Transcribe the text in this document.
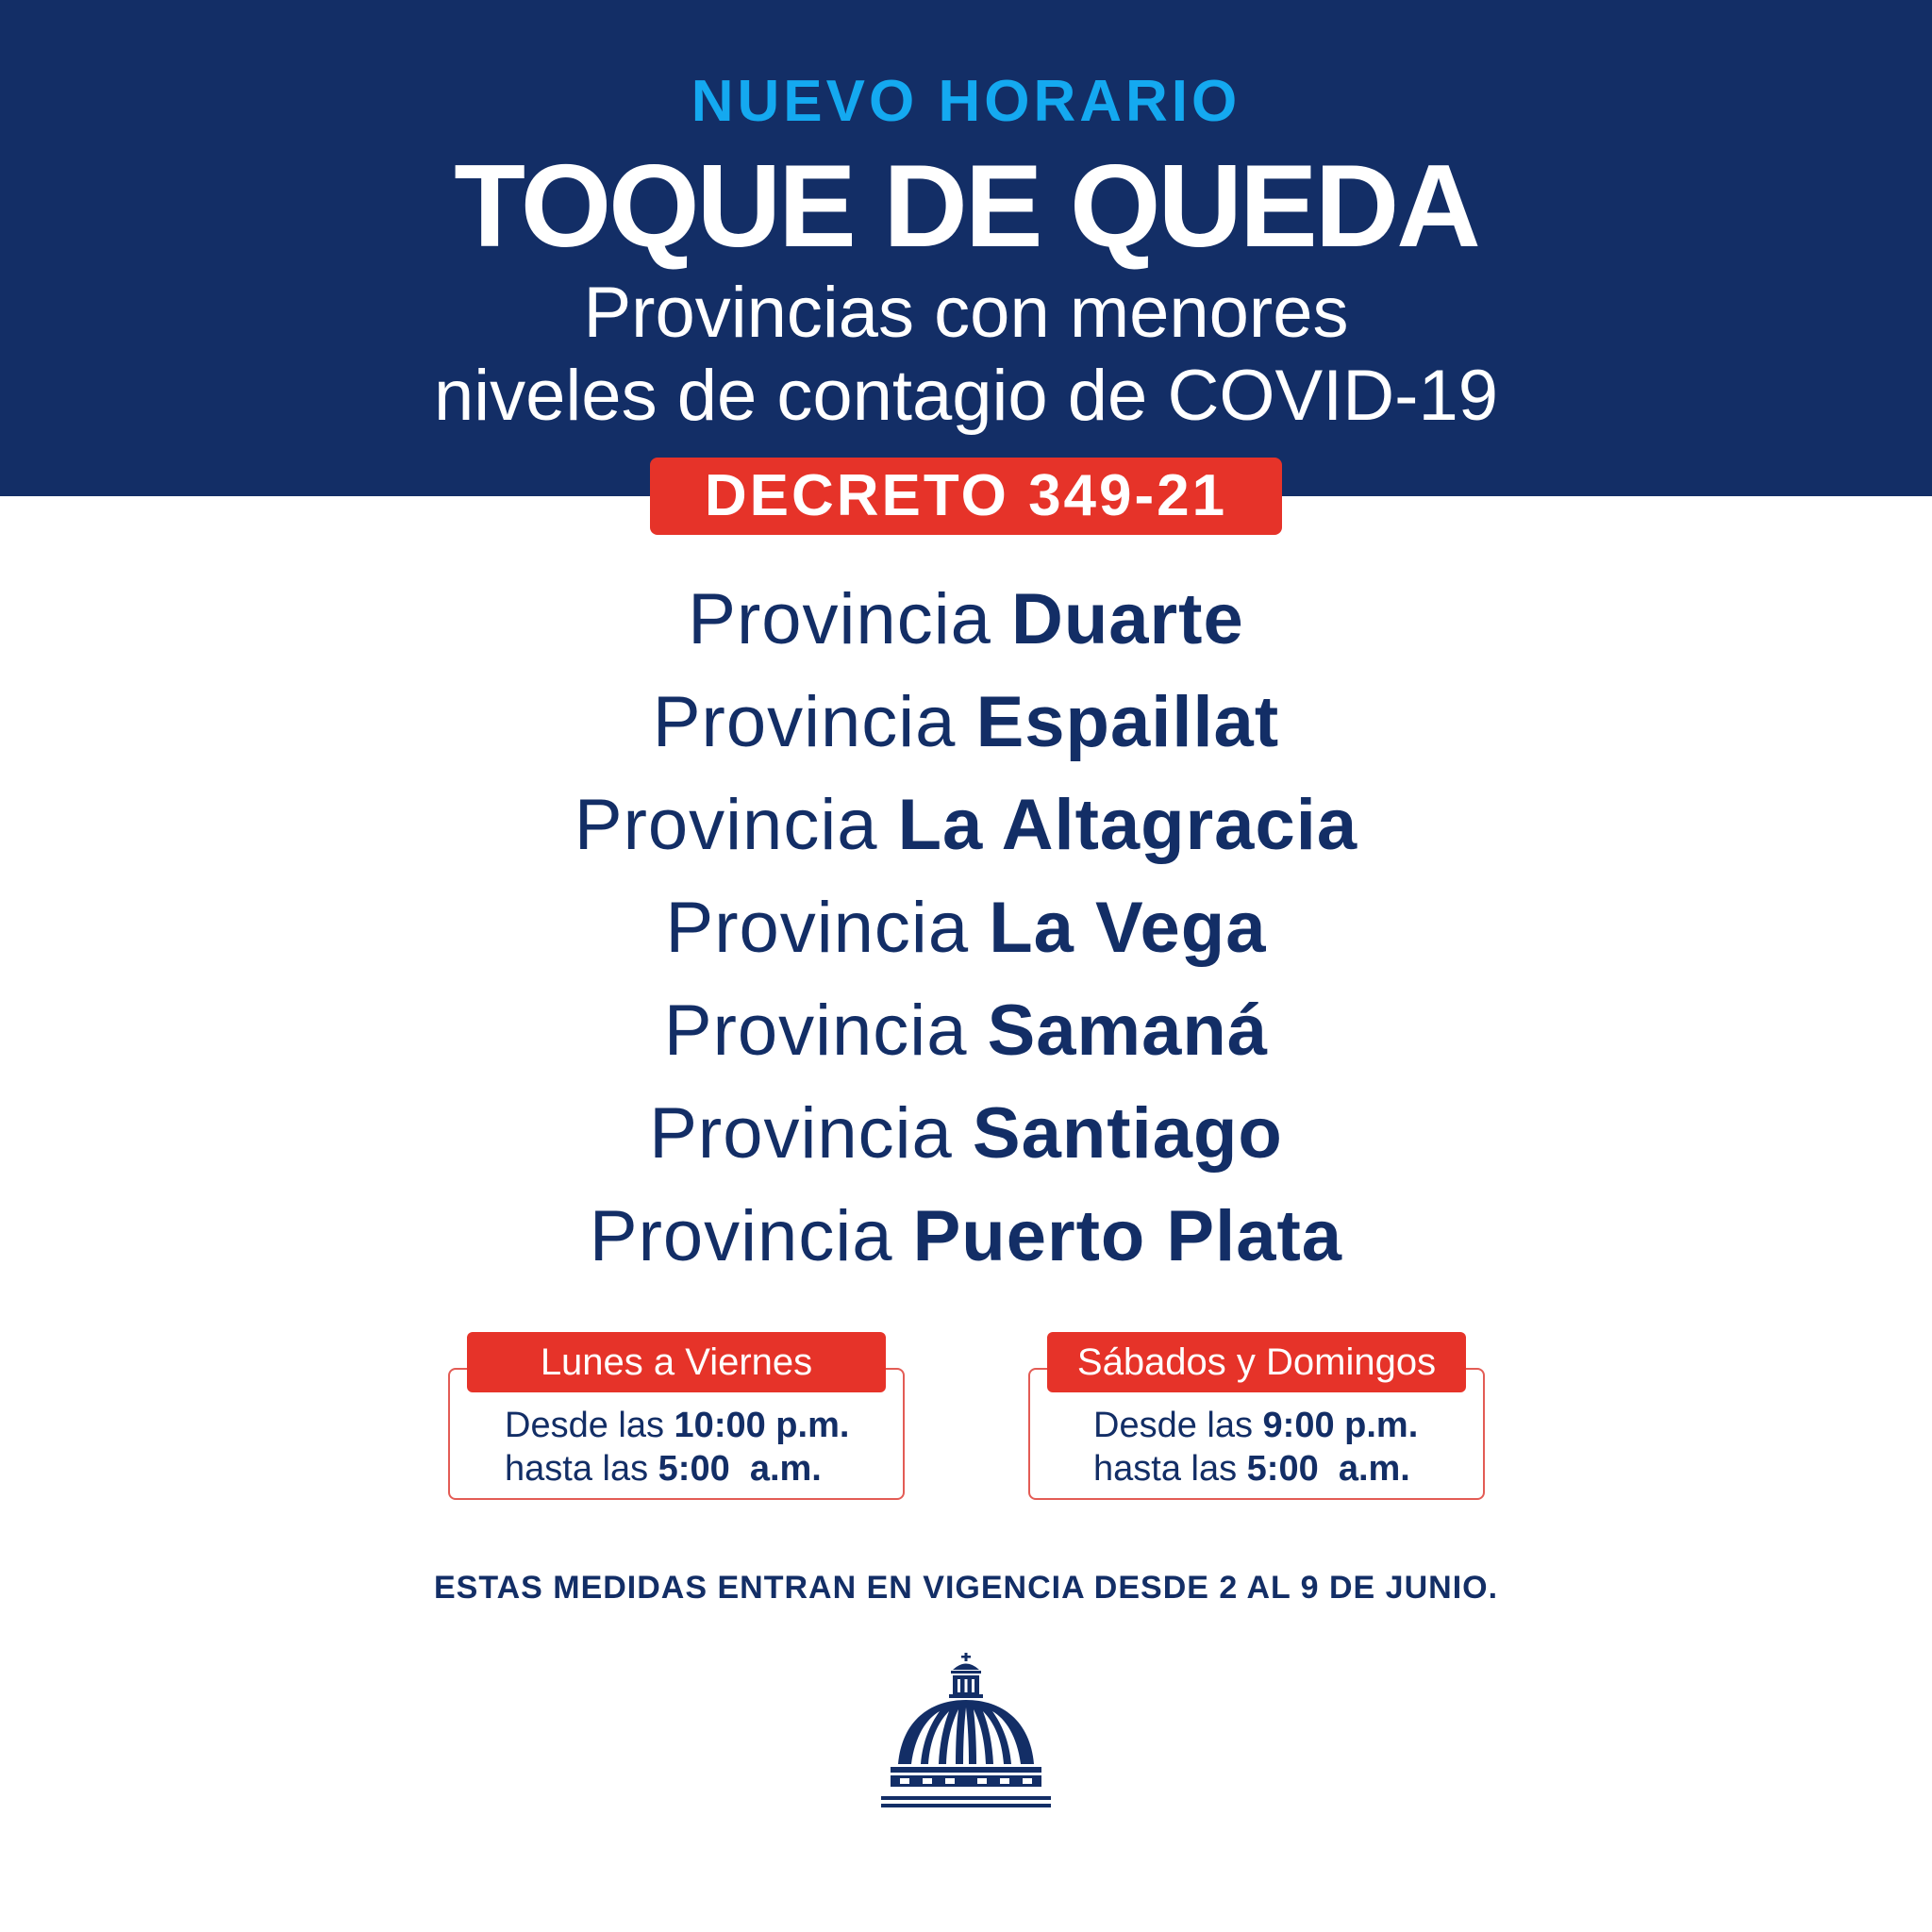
NUEVO HORARIO
TOQUE DE QUEDA
Provincias con menores
niveles de contagio de COVID-19
DECRETO 349-21
Provincia Duarte
Provincia Espaillat
Provincia La Altagracia
Provincia La Vega
Provincia Samaná
Provincia Santiago
Provincia Puerto Plata
Lunes a Viernes
Desde las 10:00 p.m.
hasta las 5:00  a.m.
Sábados y Domingos
Desde las 9:00 p.m.
hasta las 5:00  a.m.
ESTAS MEDIDAS ENTRAN EN VIGENCIA DESDE 2 AL 9 DE JUNIO.
